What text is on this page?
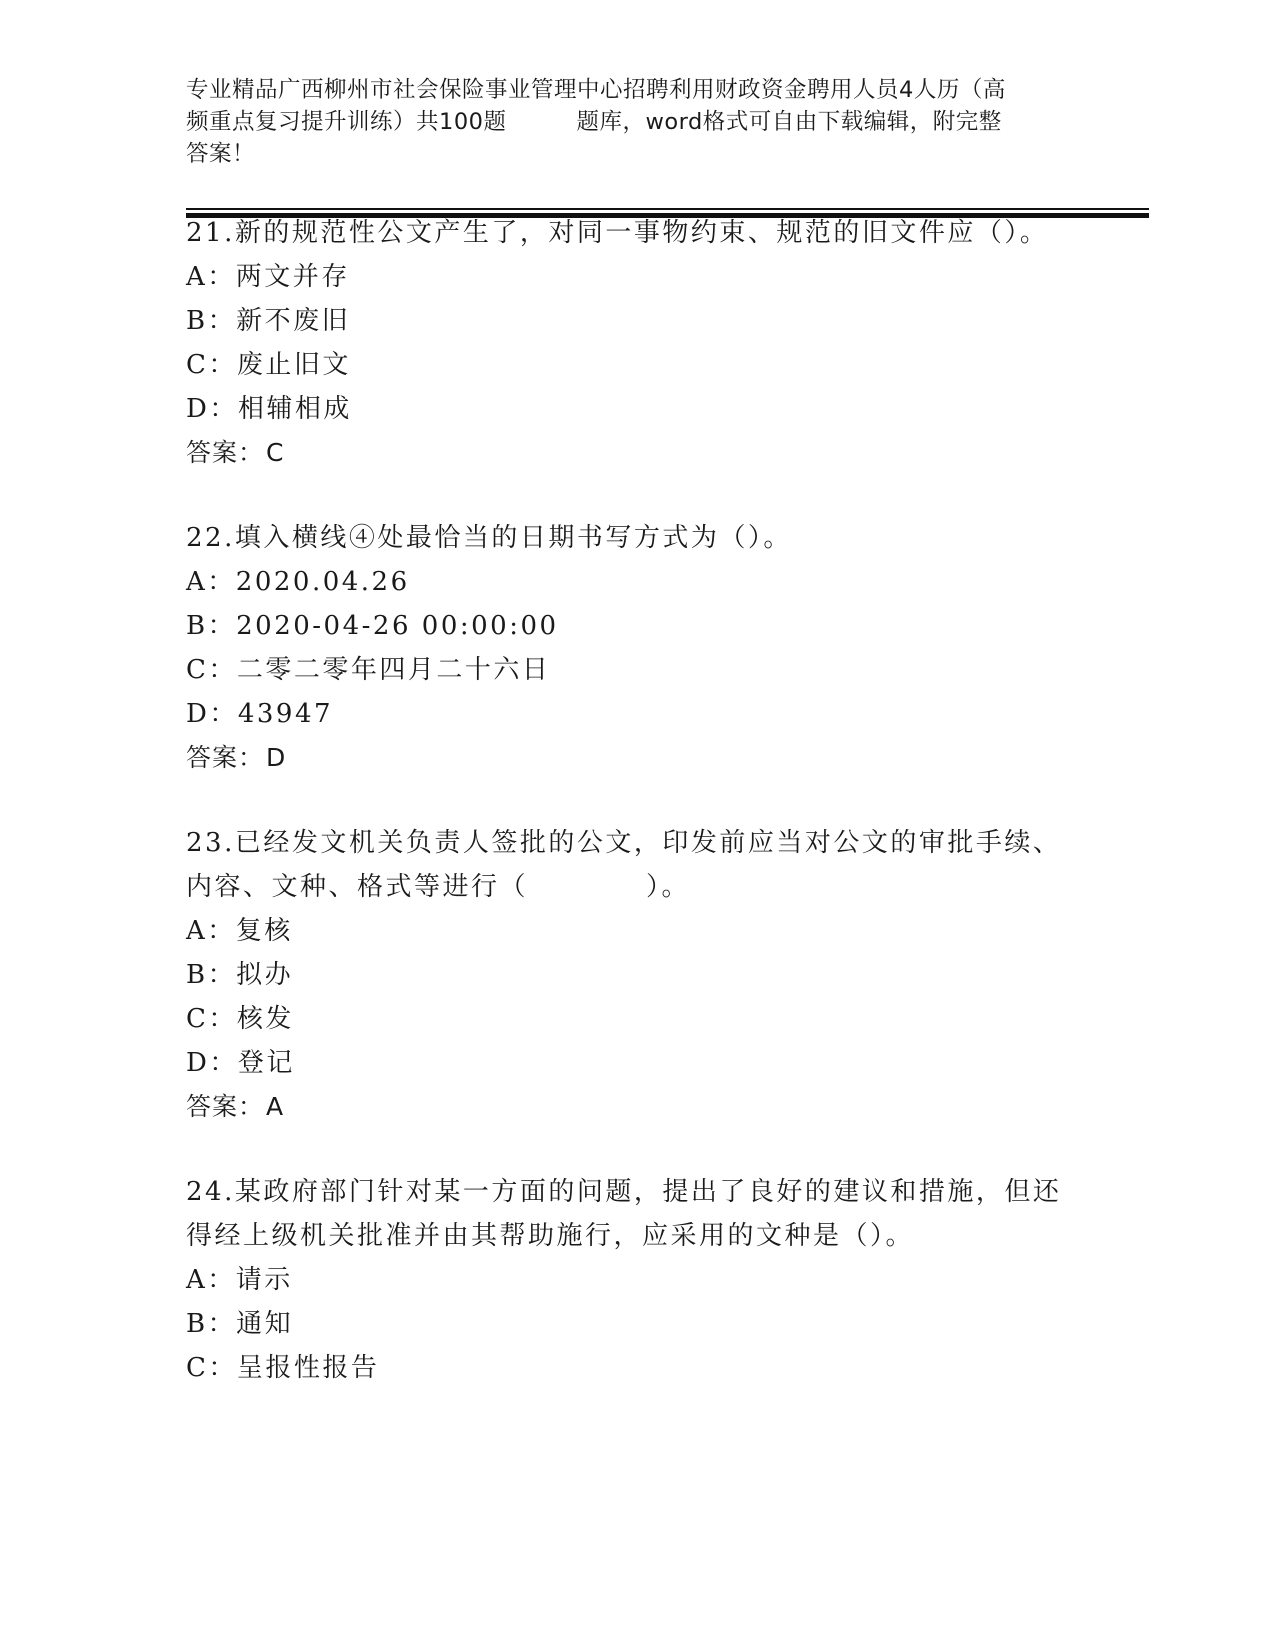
专业精品广西柳州市社会保险事业管理中心招聘利用财政资金聘用人员4人历（高
频重点复习提升训练）共100题	题库，word格式可自由下载编辑，附完整
答案！
21.新的规范性公文产生了，对同一事物约束、规范的旧文件应（）。
A：两文并存
B：新不废旧
C：废止旧文
D：相辅相成
答案：C
22.填入横线④处最恰当的日期书写方式为（）。
A：2020.04.26
B：2020-04-26 00:00:00
C：二零二零年四月二十六日
D：43947
答案：D
23.已经发文机关负责人签批的公文，印发前应当对公文的审批手续、
内容、文种、格式等进行（	）。
A：复核
B：拟办
C：核发
D：登记
答案：A
24.某政府部门针对某一方面的问题，提出了良好的建议和措施，但还
得经上级机关批准并由其帮助施行，应采用的文种是（）。
A：请示
B：通知
C：呈报性报告
